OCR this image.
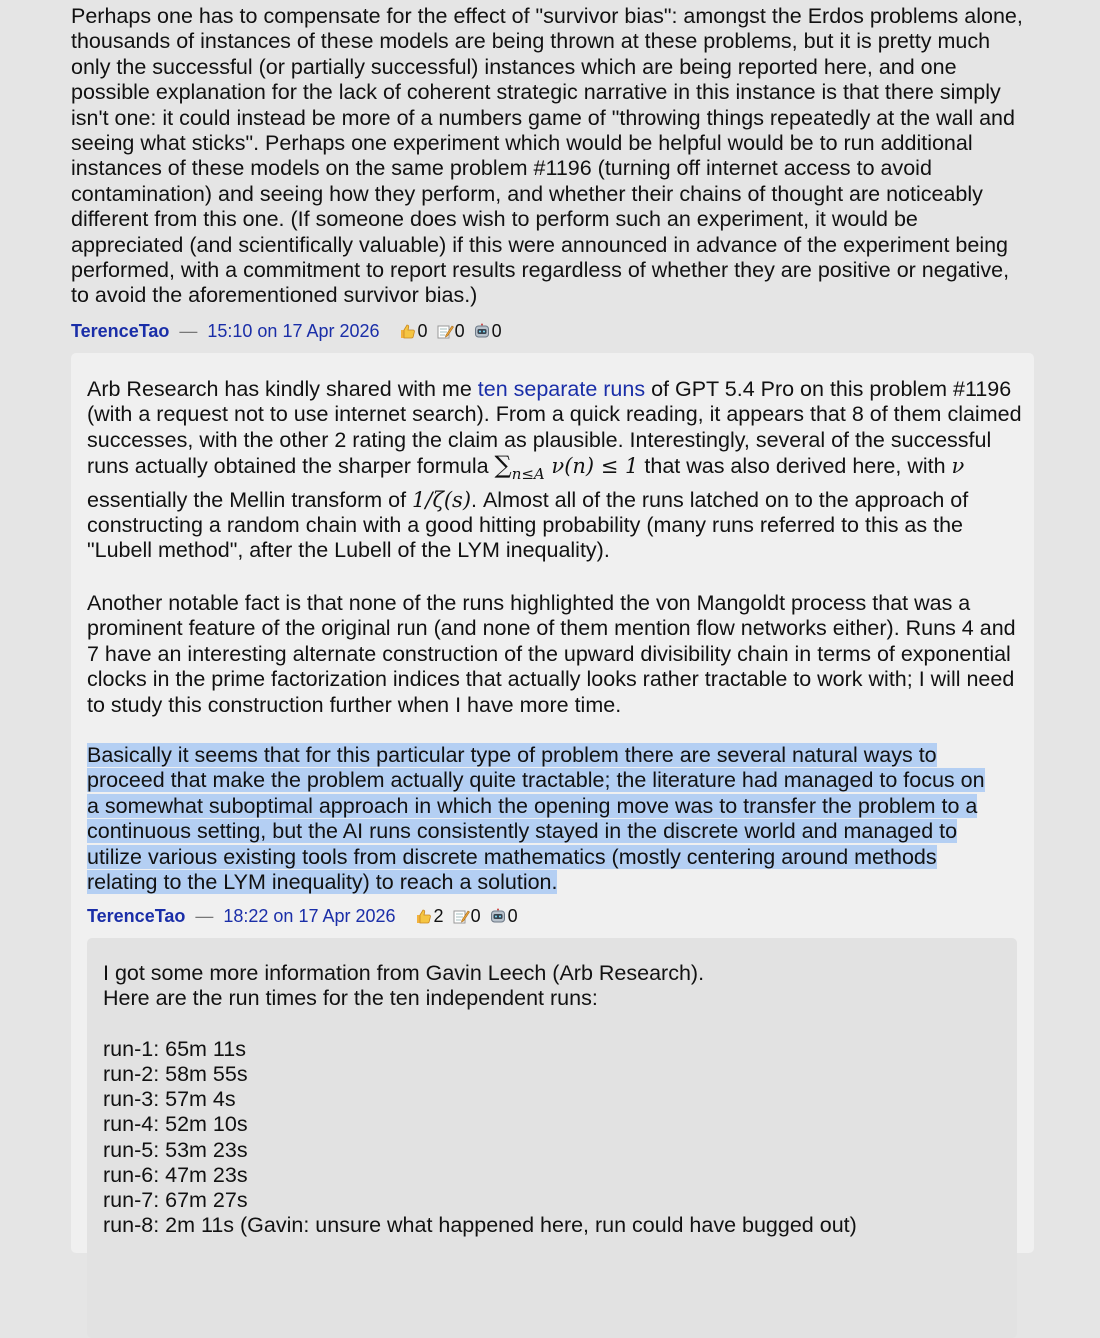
Perhaps one has to compensate for the effect of "survivor bias": amongst the Erdos problems alone, thousands of instances of these models are being thrown at these problems, but it is pretty much only the successful (or partially successful) instances which are being reported here, and one possible explanation for the lack of coherent strategic narrative in this instance is that there simply isn't one: it could instead be more of a numbers game of "throwing things repeatedly at the wall and seeing what sticks". Perhaps one experiment which would be helpful would be to run additional instances of these models on the same problem #1196 (turning off internet access to avoid contamination) and seeing how they perform, and whether their chains of thought are noticeably different from this one. (If someone does wish to perform such an experiment, it would be appreciated (and scientifically valuable) if this were announced in advance of the experiment being performed, with a commitment to report results regardless of whether they are positive or negative, to avoid the aforementioned survivor bias.)

TerenceTao — 15:10 on 17 Apr 2026 0 0 0

Arb Research has kindly shared with me ten separate runs of GPT 5.4 Pro on this problem #1196 (with a request not to use internet search). From a quick reading, it appears that 8 of them claimed successes, with the other 2 rating the claim as plausible. Interestingly, several of the successful runs actually obtained the sharper formula $\sum_{n\le A}$ ν(n) ≤ 1 that was also derived here, with ν essentially the Mellin transform of 1/ζ(s). Almost all of the runs latched on to the approach of constructing a random chain with a good hitting probability (many runs referred to this as the "Lubell method", after the Lubell of the LYM inequality).

Another notable fact is that none of the runs highlighted the von Mangoldt process that was a prominent feature of the original run (and none of them mention flow networks either). Runs 4 and 7 have an interesting alternate construction of the upward divisibility chain in terms of exponential clocks in the prime factorization indices that actually looks rather tractable to work with; I will need to study this construction further when I have more time.

Basically it seems that for this particular type of problem there are several natural ways to
proceed that make the problem actually quite tractable; the literature had managed to focus on
a somewhat suboptimal approach in which the opening move was to transfer the problem to a
continuous setting, but the AI runs consistently stayed in the discrete world and managed to
utilize various existing tools from discrete mathematics (mostly centering around methods
relating to the LYM inequality) to reach a solution.

TerenceTao — 18:22 on 17 Apr 2026 2 0 0
I got some more information from Gavin Leech (Arb Research).
Here are the run times for the ten independent runs:
run-1: 65m 11s
run-2: 58m 55s
run-3: 57m 4s
run-4: 52m 10s
run-5: 53m 23s
run-6: 47m 23s
run-7: 67m 27s
run-8: 2m 11s (Gavin: unsure what happened here, run could have bugged out)
